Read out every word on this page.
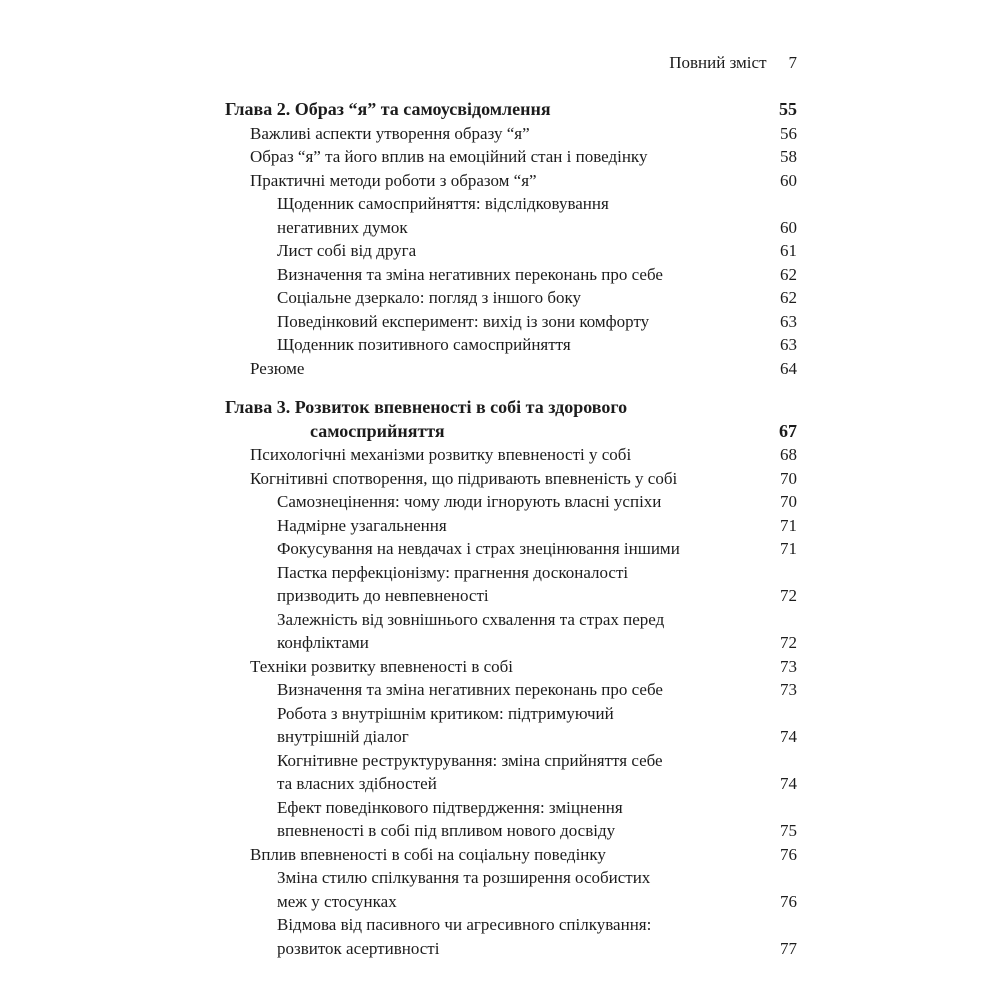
Повний зміст 7
Глава 2. Образ “я” та самоусвідомлення	55
Важливі аспекти утворення образу “я”	56
Образ “я” та його вплив на емоційний стан і поведінку	58
Практичні методи роботи з образом “я”	60
Щоденник самосприйняття: відслідковування
негативних думок	60
Лист собі від друга	61
Визначення та зміна негативних переконань про себе	62
Соціальне дзеркало: погляд з іншого боку	62
Поведінковий експеримент: вихід із зони комфорту	63
Щоденник позитивного самосприйняття	63
Резюме	64
Глава 3. Розвиток впевненості в собі та здорового
самосприйняття	67
Психологічні механізми розвитку впевненості у собі	68
Когнітивні спотворення, що підривають впевненість у собі	70
Самознецінення: чому люди ігнорують власні успіхи	70
Надмірне узагальнення	71
Фокусування на невдачах і страх знецінювання іншими	71
Пастка перфекціонізму: прагнення досконалості
призводить до невпевненості	72
Залежність від зовнішнього схвалення та страх перед
конфліктами	72
Техніки розвитку впевненості в собі	73
Визначення та зміна негативних переконань про себе	73
Робота з внутрішнім критиком: підтримуючий
внутрішній діалог	74
Когнітивне реструктурування: зміна сприйняття себе
та власних здібностей	74
Ефект поведінкового підтвердження: зміцнення
впевненості в собі під впливом нового досвіду	75
Вплив впевненості в собі на соціальну поведінку	76
Зміна стилю спілкування та розширення особистих
меж у стосунках	76
Відмова від пасивного чи агресивного спілкування:
розвиток асертивності	77
